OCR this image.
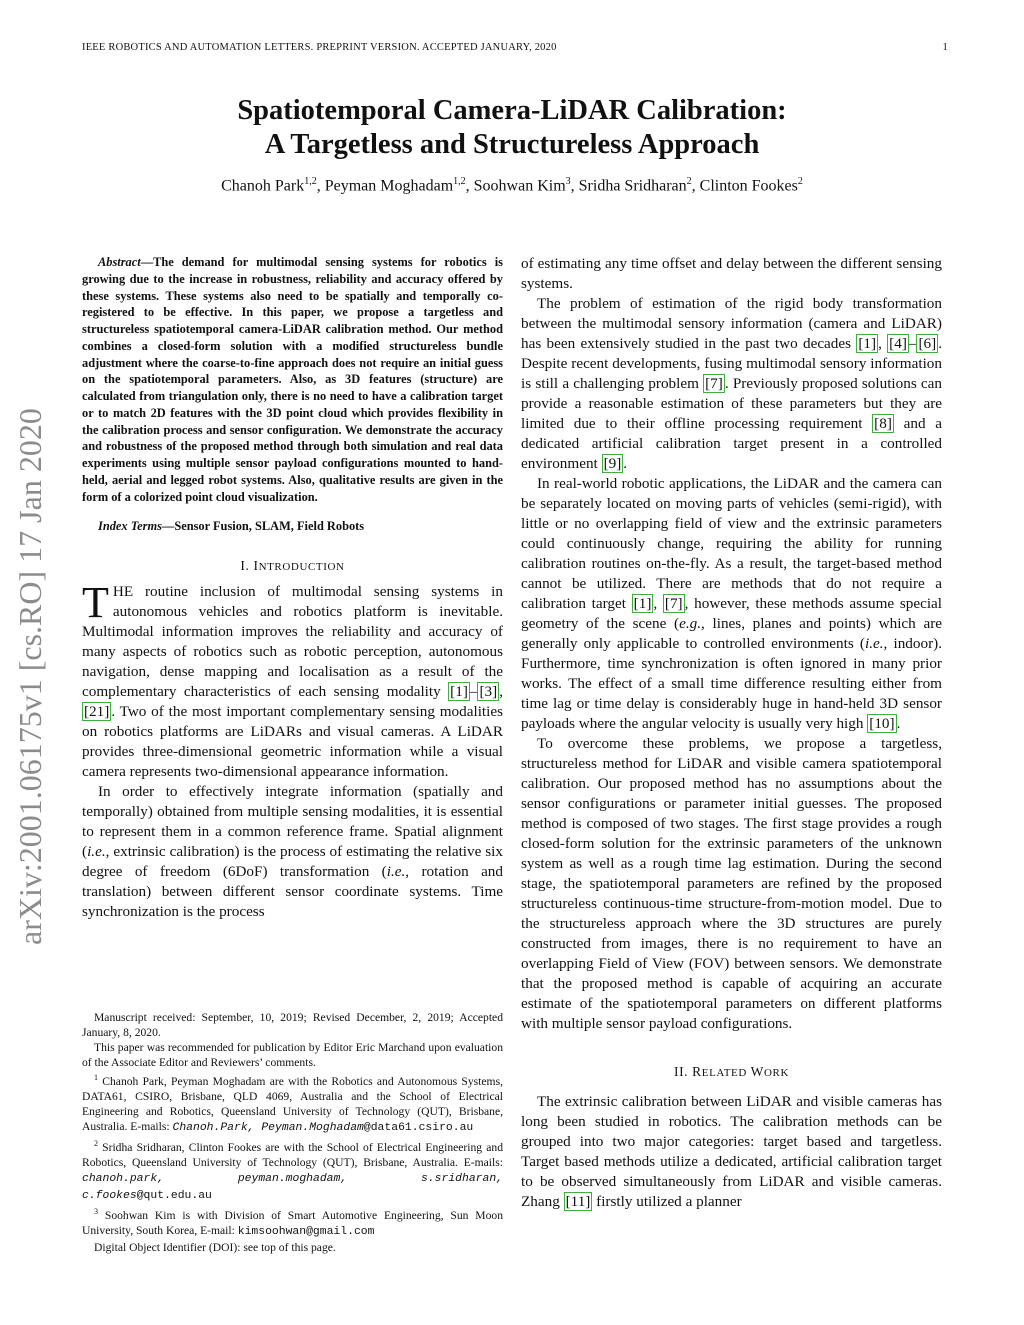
IEEE ROBOTICS AND AUTOMATION LETTERS. PREPRINT VERSION. ACCEPTED JANUARY, 2020	1
arXiv:2001.06175v1 [cs.RO] 17 Jan 2020
Spatiotemporal Camera-LiDAR Calibration:
A Targetless and Structureless Approach
Chanoh Park$^{1,2}$, Peyman Moghadam$^{1,2}$, Soohwan Kim$^3$, Sridha Sridharan$^2$, Clinton Fookes$^2$

Abstract—The demand for multimodal sensing systems for robotics is growing due to the increase in robustness, reliability and accuracy offered by these systems. These systems also need to be spatially and temporally co-registered to be effective. In this paper, we propose a targetless and structureless spatiotemporal camera-LiDAR calibration method. Our method combines a closed-form solution with a modified structureless bundle adjustment where the coarse-to-fine approach does not require an initial guess on the spatiotemporal parameters. Also, as 3D features (structure) are calculated from triangulation only, there is no need to have a calibration target or to match 2D features with the 3D point cloud which provides flexibility in the calibration process and sensor configuration. We demonstrate the accuracy and robustness of the proposed method through both simulation and real data experiments using multiple sensor payload configurations mounted to hand-held, aerial and legged robot systems. Also, qualitative results are given in the form of a colorized point cloud visualization.

Index Terms—Sensor Fusion, SLAM, Field Robots

I. INTRODUCTION

THE routine inclusion of multimodal sensing systems in autonomous vehicles and robotics platform is inevitable. Multimodal information improves the reliability and accuracy of many aspects of robotics such as robotic perception, autonomous navigation, dense mapping and localisation as a result of the complementary characteristics of each sensing modality [1] – [3] , [21] . Two of the most important complementary sensing modalities on robotics platforms are LiDARs and visual cameras. A LiDAR provides three-dimensional geometric information while a visual camera represents two-dimensional appearance information.

In order to effectively integrate information (spatially and temporally) obtained from multiple sensing modalities, it is essential to represent them in a common reference frame. Spatial alignment (i.e., extrinsic calibration) is the process of estimating the relative six degree of freedom (6DoF) transformation (i.e., rotation and translation) between different sensor coordinate systems. Time synchronization is the process

Manuscript received: September, 10, 2019; Revised December, 2, 2019; Accepted January, 8, 2020.

This paper was recommended for publication by Editor Eric Marchand upon evaluation of the Associate Editor and Reviewers’ comments.

$^1$ Chanoh Park, Peyman Moghadam are with the Robotics and Autonomous Systems, DATA61, CSIRO, Brisbane, QLD 4069, Australia and the School of Electrical Engineering and Robotics, Queensland University of Technology (QUT), Brisbane, Australia. E-mails: Chanoh.Park, Peyman.Moghadam@data61.csiro.au

$^2$ Sridha Sridharan, Clinton Fookes are with the School of Electrical Engineering and Robotics, Queensland University of Technology (QUT), Brisbane, Australia. E-mails: chanoh.park, peyman.moghadam, s.sridharan, c.fookes@qut.edu.au

$^3$ Soohwan Kim is with Division of Smart Automotive Engineering, Sun Moon University, South Korea, E-mail: kimsoohwan@gmail.com

Digital Object Identifier (DOI): see top of this page.

of estimating any time offset and delay between the different sensing systems.

The problem of estimation of the rigid body transformation between the multimodal sensory information (camera and LiDAR) has been extensively studied in the past two decades [1] , [4] – [6] . Despite recent developments, fusing multimodal sensory information is still a challenging problem [7] . Previously proposed solutions can provide a reasonable estimation of these parameters but they are limited due to their offline processing requirement [8] and a dedicated artificial calibration target present in a controlled environment [9] .

In real-world robotic applications, the LiDAR and the camera can be separately located on moving parts of vehicles (semi-rigid), with little or no overlapping field of view and the extrinsic parameters could continuously change, requiring the ability for running calibration routines on-the-fly. As a result, the target-based method cannot be utilized. There are methods that do not require a calibration target [1] , [7] , however, these methods assume special geometry of the scene (e.g., lines, planes and points) which are generally only applicable to controlled environments (i.e., indoor). Furthermore, time synchronization is often ignored in many prior works. The effect of a small time difference resulting either from time lag or time delay is considerably huge in hand-held 3D sensor payloads where the angular velocity is usually very high [10] .

To overcome these problems, we propose a targetless, structureless method for LiDAR and visible camera spatiotemporal calibration. Our proposed method has no assumptions about the sensor configurations or parameter initial guesses. The proposed method is composed of two stages. The first stage provides a rough closed-form solution for the extrinsic parameters of the unknown system as well as a rough time lag estimation. During the second stage, the spatiotemporal parameters are refined by the proposed structureless continuous-time structure-from-motion model. Due to the structureless approach where the 3D structures are purely constructed from images, there is no requirement to have an overlapping Field of View (FOV) between sensors. We demonstrate that the proposed method is capable of acquiring an accurate estimate of the spatiotemporal parameters on different platforms with multiple sensor payload configurations.

II. RELATED WORK

The extrinsic calibration between LiDAR and visible cameras has long been studied in robotics. The calibration methods can be grouped into two major categories: target based and targetless. Target based methods utilize a dedicated, artificial calibration target to be observed simultaneously from LiDAR and visible cameras. Zhang [11] firstly utilized a planner
